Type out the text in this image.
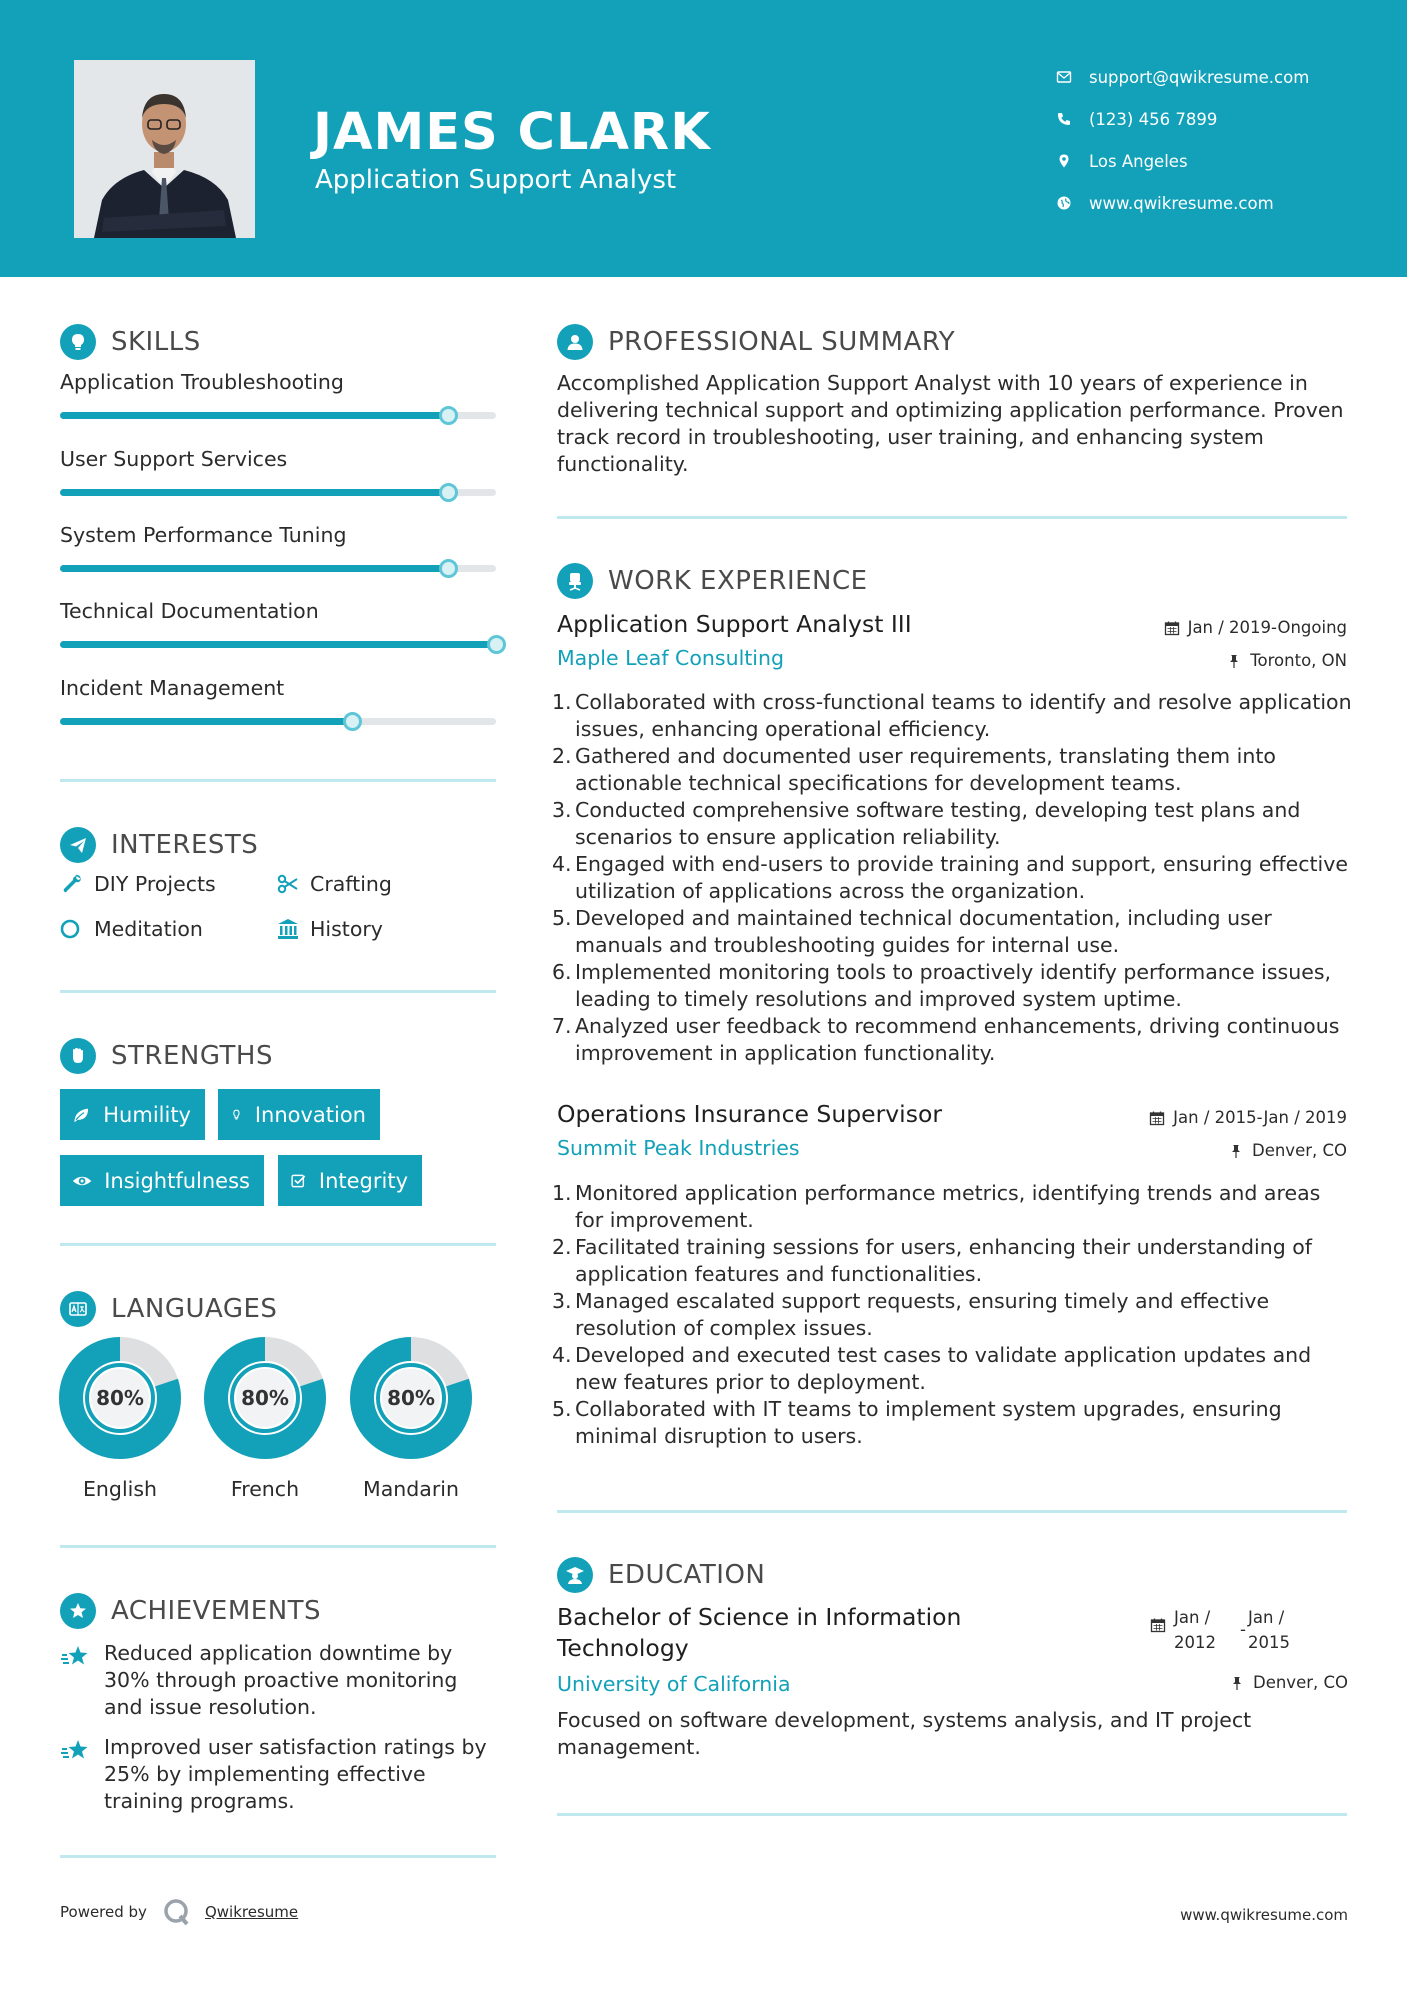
JAMES CLARK
Application Support Analyst
support@qwikresume.com
(123) 456 7899
Los Angeles
www.qwikresume.com
SKILLS
Application Troubleshooting
User Support Services
System Performance Tuning
Technical Documentation
Incident Management
INTERESTS
DIY Projects	Crafting
Meditation	History
STRENGTHS
Humility	Innovation
Insightfulness	Integrity
LANGUAGES
80%
English
80%
French
80%
Mandarin
ACHIEVEMENTS
Reduced application downtime by 30% through proactive monitoring and issue resolution.
Improved user satisfaction ratings by 25% by implementing effective training programs.
PROFESSIONAL SUMMARY
Accomplished Application Support Analyst with 10 years of experience in delivering technical support and optimizing application performance. Proven track record in troubleshooting, user training, and enhancing system functionality.
WORK EXPERIENCE
Application Support Analyst III
Maple Leaf Consulting
Jan / 2019-Ongoing
Toronto, ON
1. Collaborated with cross-functional teams to identify and resolve application issues, enhancing operational efficiency.
2. Gathered and documented user requirements, translating them into actionable technical specifications for development teams.
3. Conducted comprehensive software testing, developing test plans and scenarios to ensure application reliability.
4. Engaged with end-users to provide training and support, ensuring effective utilization of applications across the organization.
5. Developed and maintained technical documentation, including user manuals and troubleshooting guides for internal use.
6. Implemented monitoring tools to proactively identify performance issues, leading to timely resolutions and improved system uptime.
7. Analyzed user feedback to recommend enhancements, driving continuous improvement in application functionality.
Operations Insurance Supervisor
Summit Peak Industries
Jan / 2015-Jan / 2019
Denver, CO
1. Monitored application performance metrics, identifying trends and areas for improvement.
2. Facilitated training sessions for users, enhancing their understanding of application features and functionalities.
3. Managed escalated support requests, ensuring timely and effective resolution of complex issues.
4. Developed and executed test cases to validate application updates and new features prior to deployment.
5. Collaborated with IT teams to implement system upgrades, ensuring minimal disruption to users.
EDUCATION
Bachelor of Science in Information Technology
University of California
Jan /
2012
-
Jan /
2015
Denver, CO
Focused on software development, systems analysis, and IT project management.
Powered by	Qwikresume	www.qwikresume.com
